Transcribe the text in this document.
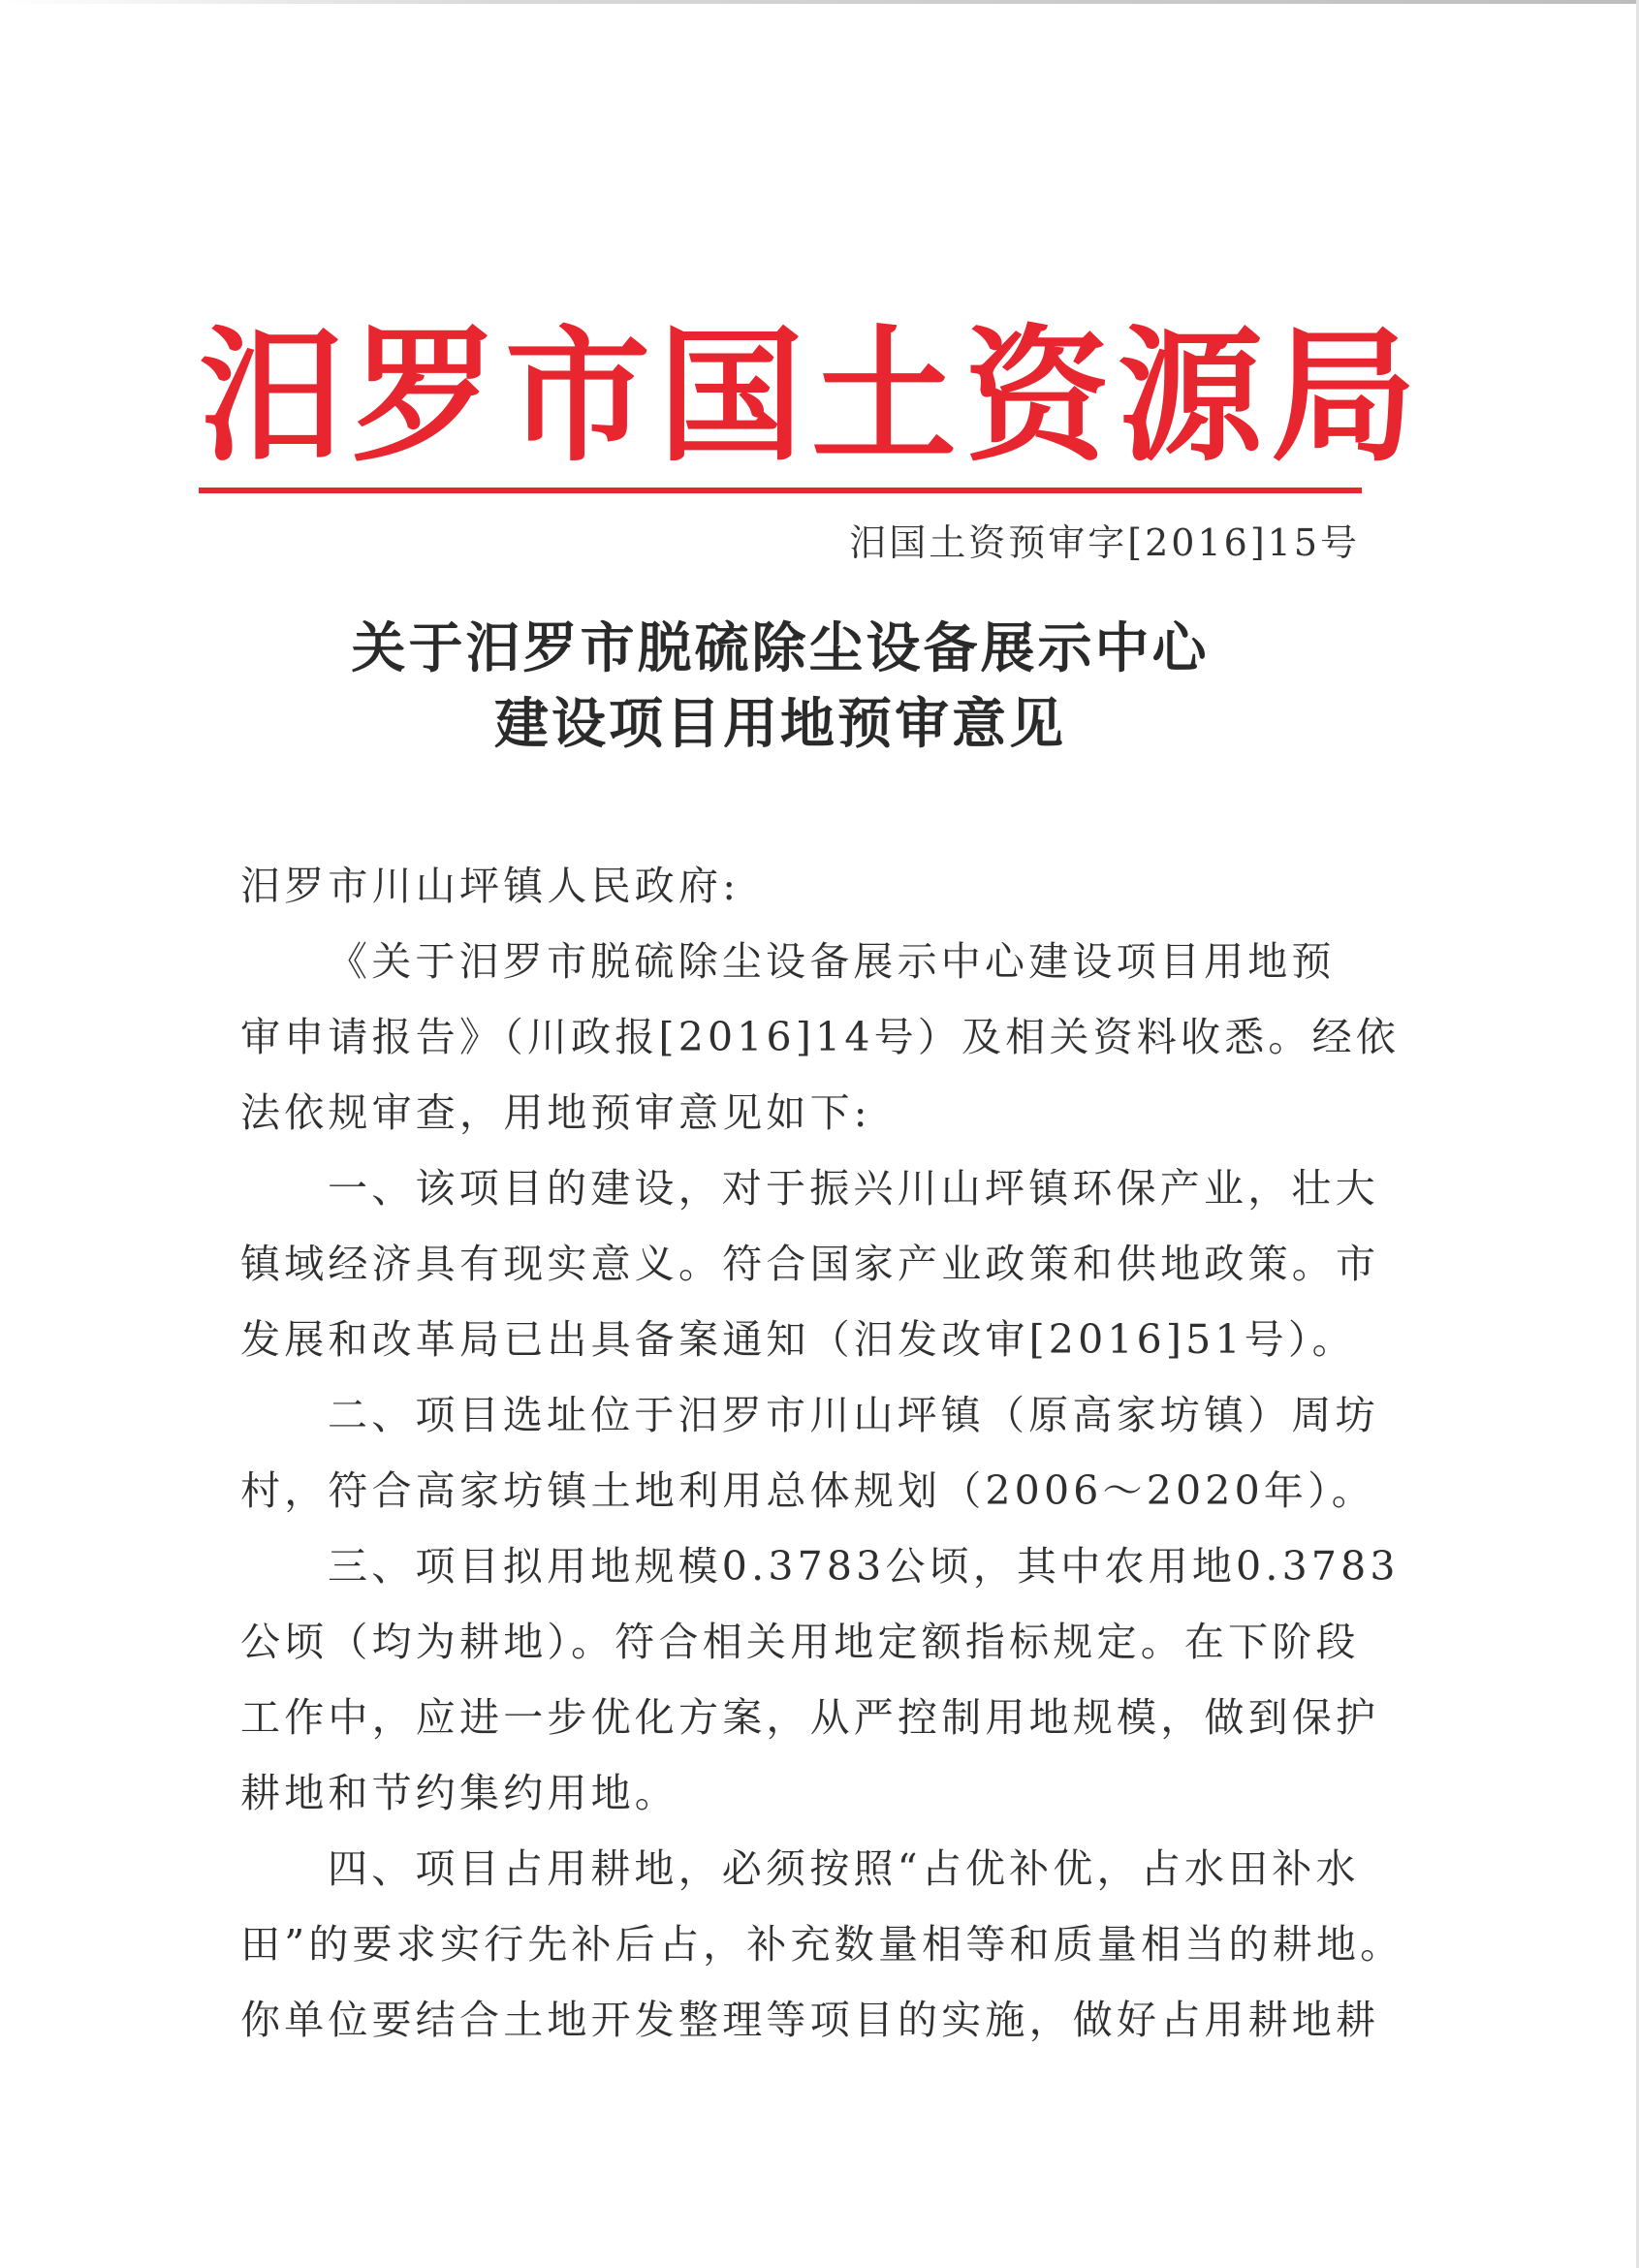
汨罗市国土资源局
汨国土资预审字[2016]15号
关于汨罗市脱硫除尘设备展示中心
建设项目用地预审意见
汨罗市川山坪镇人民政府:
《关于汨罗市脱硫除尘设备展示中心建设项目用地预
审申请报告》（川政报[2016]14号）及相关资料收悉。经依
法依规审查，用地预审意见如下:
一、该项目的建设，对于振兴川山坪镇环保产业，壮大
镇域经济具有现实意义。符合国家产业政策和供地政策。市
发展和改革局已出具备案通知（汨发改审[2016]51号）。
二、项目选址位于汨罗市川山坪镇（原高家坊镇）周坊
村，符合高家坊镇土地利用总体规划（2006～2020年）。
三、项目拟用地规模0.3783公顷，其中农用地0.3783
公顷（均为耕地）。符合相关用地定额指标规定。在下阶段
工作中，应进一步优化方案，从严控制用地规模，做到保护
耕地和节约集约用地。
四、项目占用耕地，必须按照“占优补优，占水田补水
田”的要求实行先补后占，补充数量相等和质量相当的耕地。
你单位要结合土地开发整理等项目的实施，做好占用耕地耕
